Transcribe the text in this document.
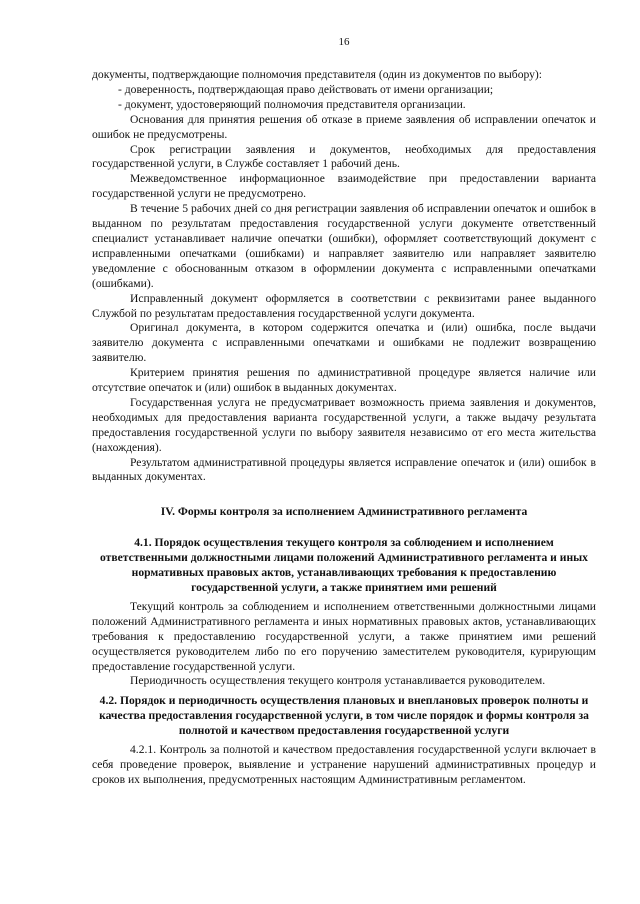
16

документы, подтверждающие полномочия представителя (один из документов по выбору):

- доверенность, подтверждающая право действовать от имени организации;

- документ, удостоверяющий полномочия представителя организации.

Основания для принятия решения об отказе в приеме заявления об исправлении опечаток и ошибок не предусмотрены.

Срок регистрации заявления и документов, необходимых для предоставления государственной услуги, в Службе составляет 1 рабочий день.

Межведомственное информационное взаимодействие при предоставлении варианта государственной услуги не предусмотрено.

В течение 5 рабочих дней со дня регистрации заявления об исправлении опечаток и ошибок в выданном по результатам предоставления государственной услуги документе ответственный специалист устанавливает наличие опечатки (ошибки), оформляет соответствующий документ с исправленными опечатками (ошибками) и направляет заявителю или направляет заявителю уведомление с обоснованным отказом в оформлении документа с исправленными опечатками (ошибками).

Исправленный документ оформляется в соответствии с реквизитами ранее выданного Службой по результатам предоставления государственной услуги документа.

Оригинал документа, в котором содержится опечатка и (или) ошибка, после выдачи заявителю документа с исправленными опечатками и ошибками не подлежит возвращению заявителю.

Критерием принятия решения по административной процедуре является наличие или отсутствие опечаток и (или) ошибок в выданных документах.

Государственная услуга не предусматривает возможность приема заявления и документов, необходимых для предоставления варианта государственной услуги, а также выдачу результата предоставления государственной услуги по выбору заявителя независимо от его места жительства (нахождения).

Результатом административной процедуры является исправление опечаток и (или) ошибок в выданных документах.

IV. Формы контроля за исполнением Административного регламента
4.1. Порядок осуществления текущего контроля за соблюдением и исполнением ответственными должностными лицами положений Административного регламента и иных нормативных правовых актов, устанавливающих требования к предоставлению государственной услуги, а также принятием ими решений

Текущий контроль за соблюдением и исполнением ответственными должностными лицами положений Административного регламента и иных нормативных правовых актов, устанавливающих требования к предоставлению государственной услуги, а также принятием ими решений осуществляется руководителем либо по его поручению заместителем руководителя, курирующим предоставление государственной услуги.

Периодичность осуществления текущего контроля устанавливается руководителем.

4.2. Порядок и периодичность осуществления плановых и внеплановых проверок полноты и качества предоставления государственной услуги, в том числе порядок и формы контроля за полнотой и качеством предоставления государственной услуги

4.2.1. Контроль за полнотой и качеством предоставления государственной услуги включает в себя проведение проверок, выявление и устранение нарушений административных процедур и сроков их выполнения, предусмотренных настоящим Административным регламентом.
